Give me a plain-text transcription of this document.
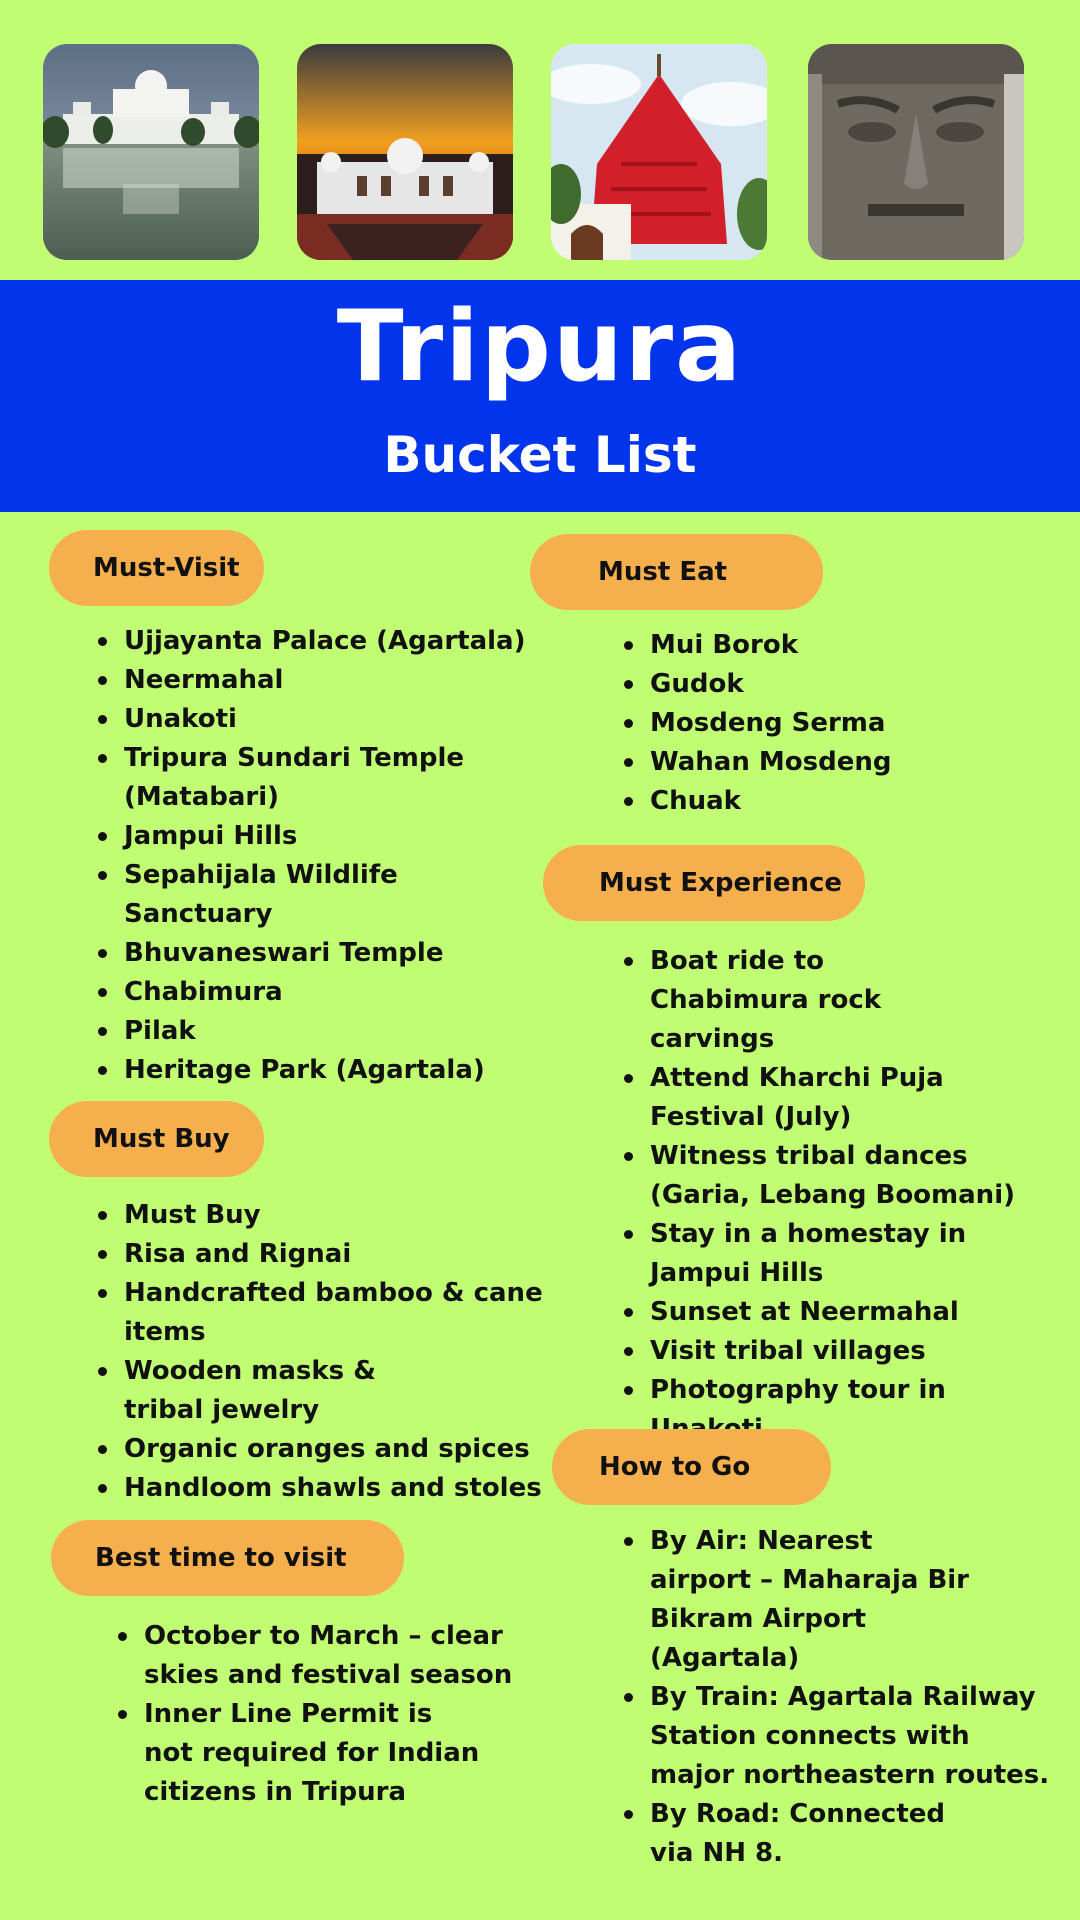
Tripura
Bucket List
Must-Visit
Ujjayanta Palace (Agartala)
Neermahal
Unakoti
Tripura Sundari Temple (Matabari)
Jampui Hills
Sepahijala Wildlife Sanctuary
Bhuvaneswari Temple
Chabimura
Pilak
Heritage Park (Agartala)
Must Buy
Must Buy
Risa and Rignai
Handcrafted bamboo & cane items
Wooden masks & tribal jewelry
Organic oranges and spices
Handloom shawls and stoles
Best time to visit
October to March – clear skies and festival season
Inner Line Permit is not required for Indian citizens in Tripura
Must Eat
Mui Borok
Gudok
Mosdeng Serma
Wahan Mosdeng
Chuak
Must Experience
Boat ride to Chabimura rock carvings
Attend Kharchi Puja Festival (July)
Witness tribal dances (Garia, Lebang Boomani)
Stay in a homestay in Jampui Hills
Sunset at Neermahal
Visit tribal villages
Photography tour in
How to Go
By Air: Nearest airport – Maharaja Bir Bikram Airport (Agartala)
By Train: Agartala Railway Station connects with major northeastern routes.
By Road: Connected via NH 8.
